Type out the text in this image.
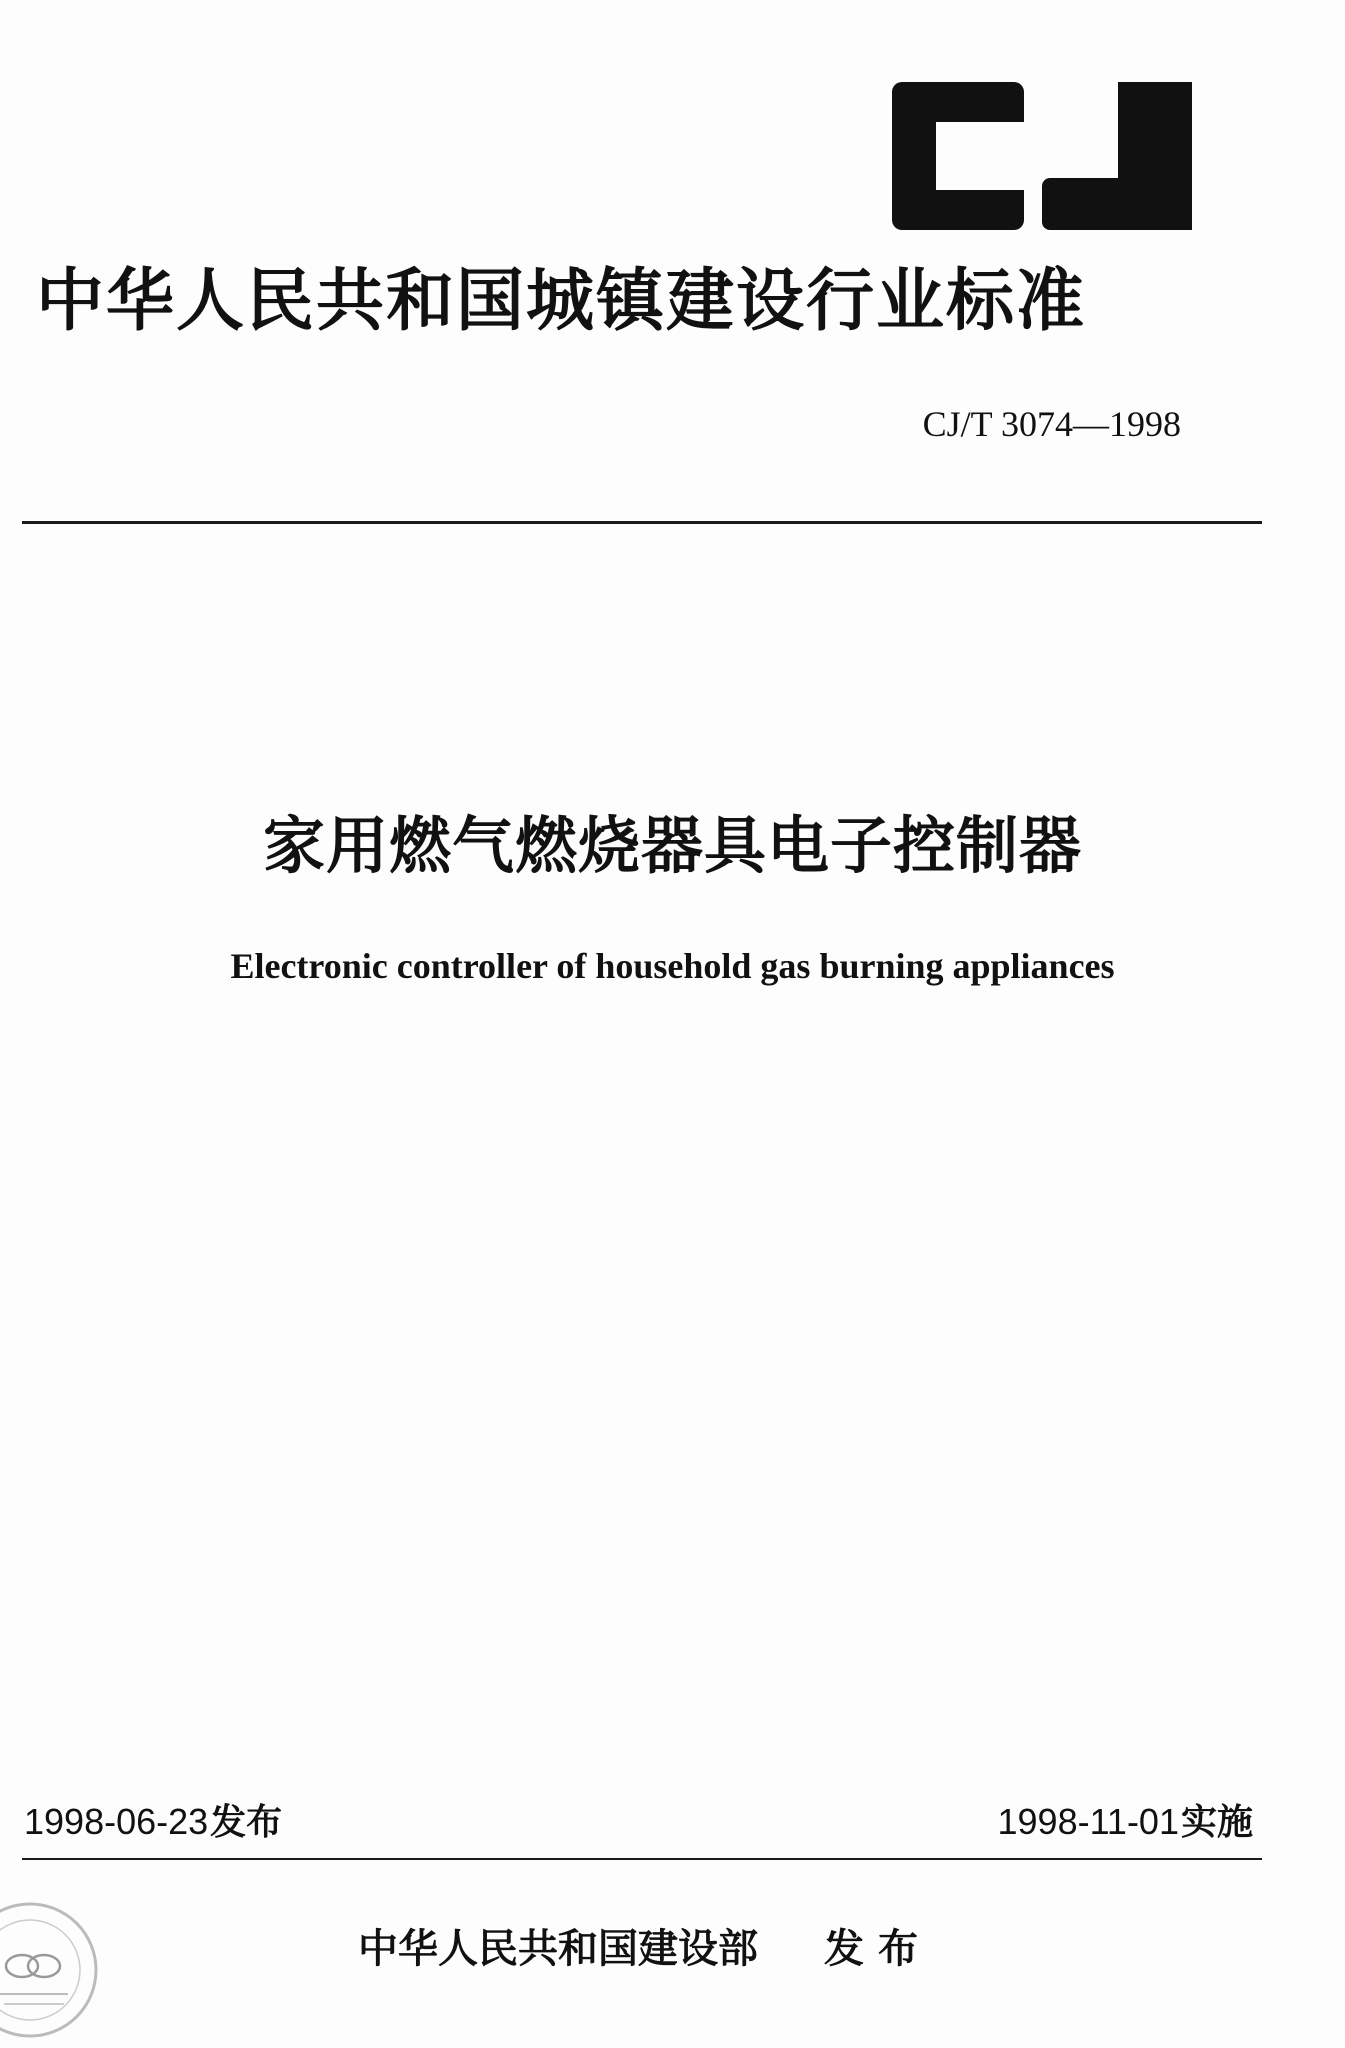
中华人民共和国城镇建设行业标准
CJ/T 3074—1998
家用燃气燃烧器具电子控制器
Electronic controller of household gas burning appliances
1998-06-23发布	1998-11-01实施
中华人民共和国建设部 发布
